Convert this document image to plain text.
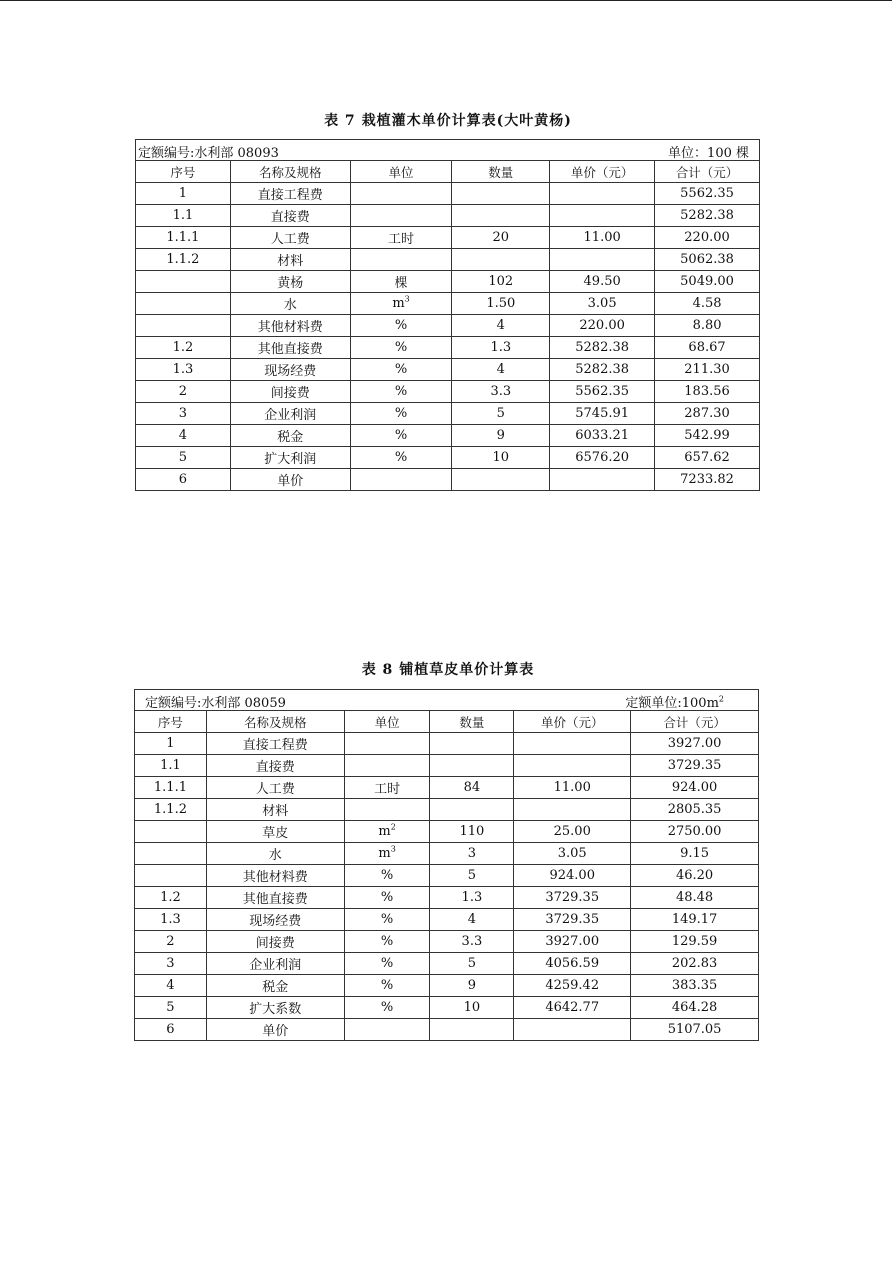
表 7 栽植灌木单价计算表(大叶黄杨)
定额编号:水利部 08093 单位：100 棵					

序号	名称及规格	单位	数量	单价（元）	合计（元）
1	直接工程费				5562.35
1.1	直接费				5282.38
1.1.1	人工费	工时	20	11.00	220.00
1.1.2	材料				5062.38
	黄杨	棵	102	49.50	5049.00
	水	$m^3$	1.50	3.05	4.58
	其他材料费	%	4	220.00	8.80
1.2	其他直接费	%	1.3	5282.38	68.67
1.3	现场经费	%	4	5282.38	211.30
2	间接费	%	3.3	5562.35	183.56
3	企业利润	%	5	5745.91	287.30
4	税金	%	9	6033.21	542.99
5	扩大利润	%	10	6576.20	657.62
6	单价				7233.82
表 8 铺植草皮单价计算表
定额编号:水利部 08059 定额单位$:100m^2$

序号	名称及规格	单位	数量	单价（元）	合计（元）
1	直接工程费				3927.00
1.1	直接费				3729.35
1.1.1	人工费	工时	84	11.00	924.00
1.1.2	材料				2805.35
	草皮	$m^2$	110	25.00	2750.00
	水	$m^3$	3	3.05	9.15
	其他材料费	%	5	924.00	46.20
1.2	其他直接费	%	1.3	3729.35	48.48
1.3	现场经费	%	4	3729.35	149.17
2	间接费	%	3.3	3927.00	129.59
3	企业利润	%	5	4056.59	202.83
4	税金	%	9	4259.42	383.35
5	扩大系数	%	10	4642.77	464.28
6	单价				5107.05
